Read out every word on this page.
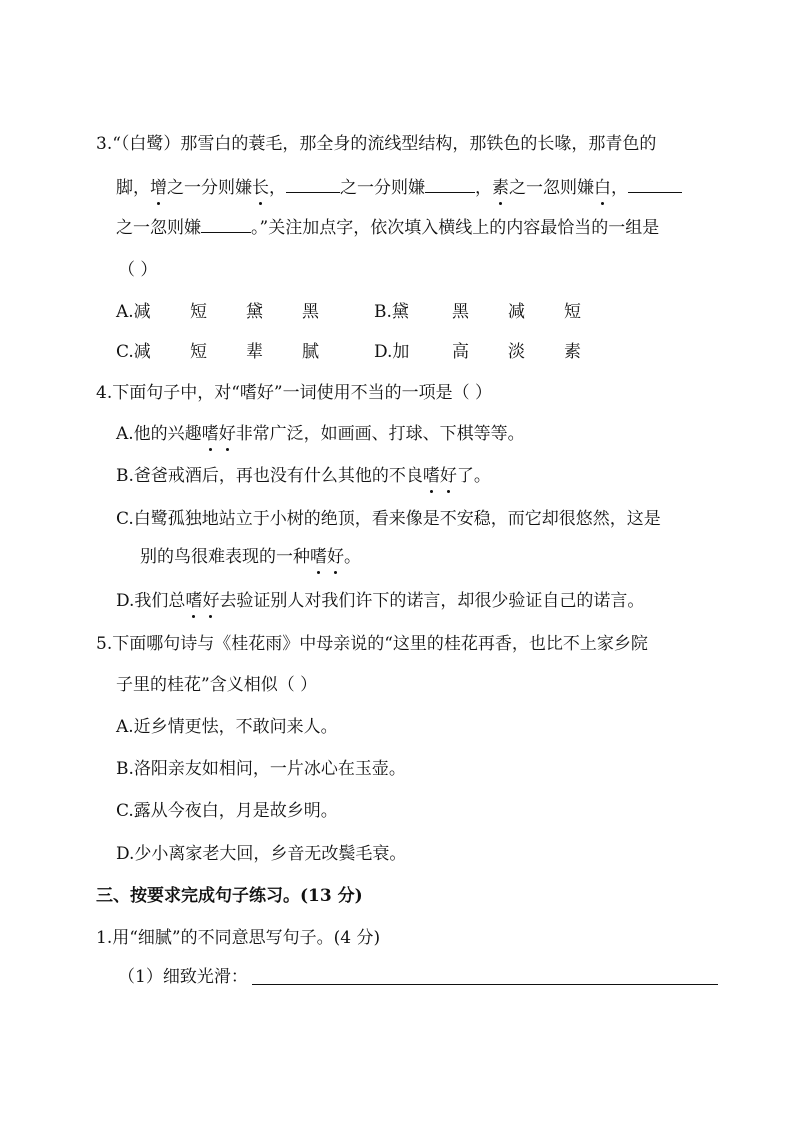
3.“（白鹭）那雪白的蓑毛，那全身的流线型结构，那铁色的长喙，那青色的
脚，增之一分则嫌长，	之一分则嫌	，素之一忽则嫌白，
之一忽则嫌	。”关注加点字，依次填入横线上的内容最恰当的一组是
（ ）
A.减 短 黛 黑	B.黛	黑 减 短
C.减 短 辈 腻	D.加	高 淡 素
4.下面句子中，对“嗜好”一词使用不当的一项是（ ）
A.他的兴趣嗜好非常广泛，如画画、打球、下棋等等。
B.爸爸戒酒后，再也没有什么其他的不良嗜好了。
C.白鹭孤独地站立于小树的绝顶，看来像是不安稳，而它却很悠然，这是
别的鸟很难表现的一种嗜好。
D.我们总嗜好去验证别人对我们许下的诺言，却很少验证自己的诺言。
5.下面哪句诗与《桂花雨》中母亲说的“这里的桂花再香，也比不上家乡院
子里的桂花”含义相似（ ）
A.近乡情更怯，不敢问来人。
B.洛阳亲友如相问，一片冰心在玉壶。
C.露从今夜白，月是故乡明。
D.少小离家老大回，乡音无改鬓毛衰。
三、按要求完成句子练习。(13 分)
1.用“细腻”的不同意思写句子。(4 分)
（1）细致光滑：
